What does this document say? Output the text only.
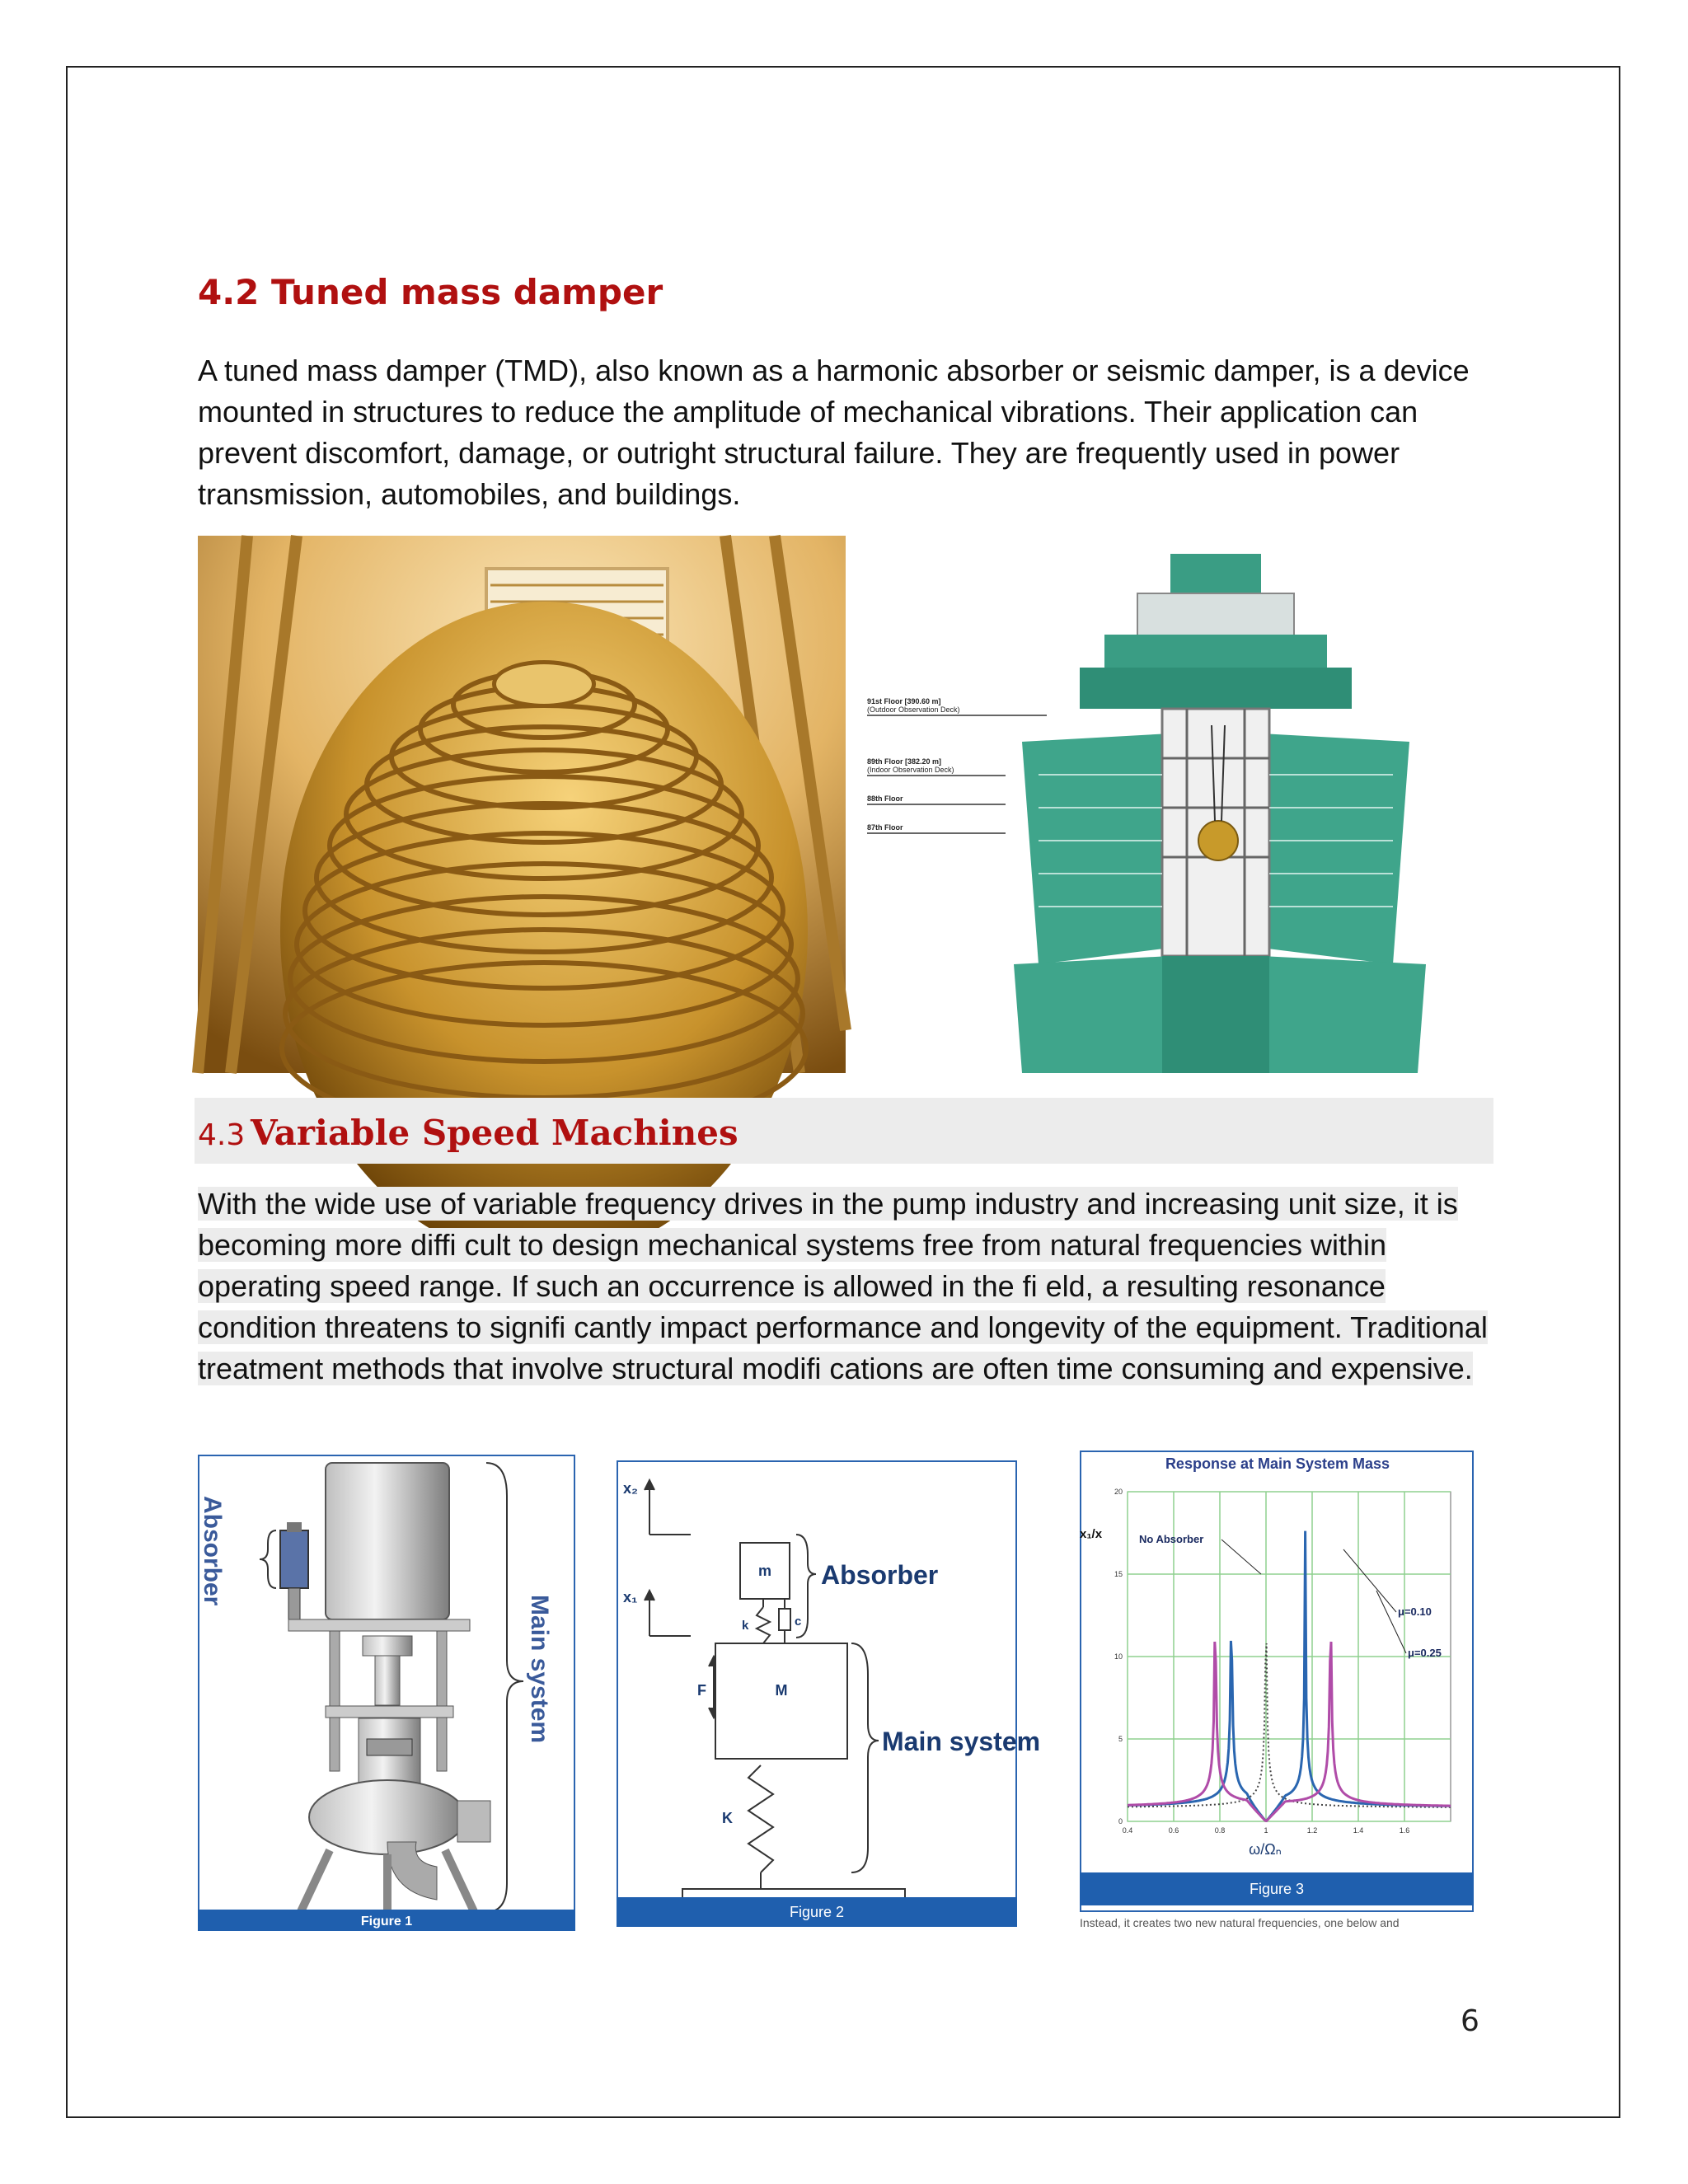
4.2 Tuned mass damper

A tuned mass damper (TMD), also known as a harmonic absorber or seismic damper, is a device mounted in structures to reduce the amplitude of mechanical vibrations. Their application can prevent discomfort, damage, or outright structural failure. They are frequently used in power transmission, automobiles, and buildings.

91st Floor [390.60 m]
(Outdoor Observation Deck)
89th Floor [382.20 m]
(Indoor Observation Deck)
88th Floor
87th Floor
4.3 Variable Speed Machines

With the wide use of variable frequency drives in the pump industry and increasing unit size, it is becoming more diffi cult to design mechanical systems free from natural frequencies within operating speed range. If such an occurrence is allowed in the fi eld, a resulting resonance condition threatens to signifi cantly impact performance and longevity of the equipment. Traditional treatment methods that involve structural modifi cations are often time consuming and expensive.

Absorber
Main system
Figure 1
x₂
x₁
m
k	c
M
F
K
Absorber
Main system
Figure 2
Response at Main System Mass
x₁/x
ω/Ωₙ
0.4	0.6	0.8	1	1.2	1.4	1.6
0
5
10
15
20
No Absorber
μ=0.10
μ=0.25
Figure 3
Instead, it creates two new natural frequencies, one below and
6
